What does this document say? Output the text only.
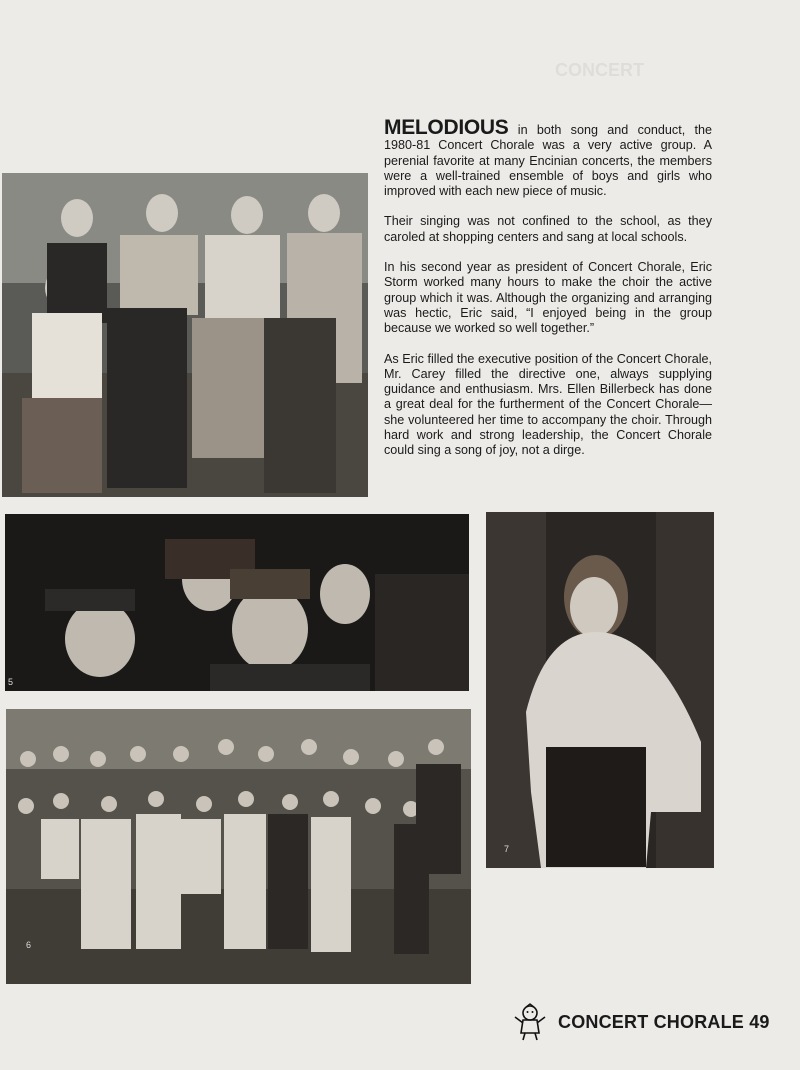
CONCERT
5
7
6

MELODIOUS in both song and conduct, the 1980-81 Concert Chorale was a very active group. A perenial favorite at many Encinian concerts, the members were a well-trained ensemble of boys and girls who improved with each new piece of music.

Their singing was not confined to the school, as they caroled at shopping centers and sang at local schools.

In his second year as president of Concert Chorale, Eric Storm worked many hours to make the choir the active group which it was. Although the organizing and arranging was hectic, Eric said, “I enjoyed being in the group because we worked so well together.”

As Eric filled the executive position of the Concert Chorale, Mr. Carey filled the directive one, always supplying guidance and enthusiasm. Mrs. Ellen Billerbeck has done a great deal for the furtherment of the Concert Chorale—she volunteered her time to accompany the choir. Through hard work and strong leadership, the Concert Chorale could sing a song of joy, not a dirge.

CONCERT CHORALE 49
